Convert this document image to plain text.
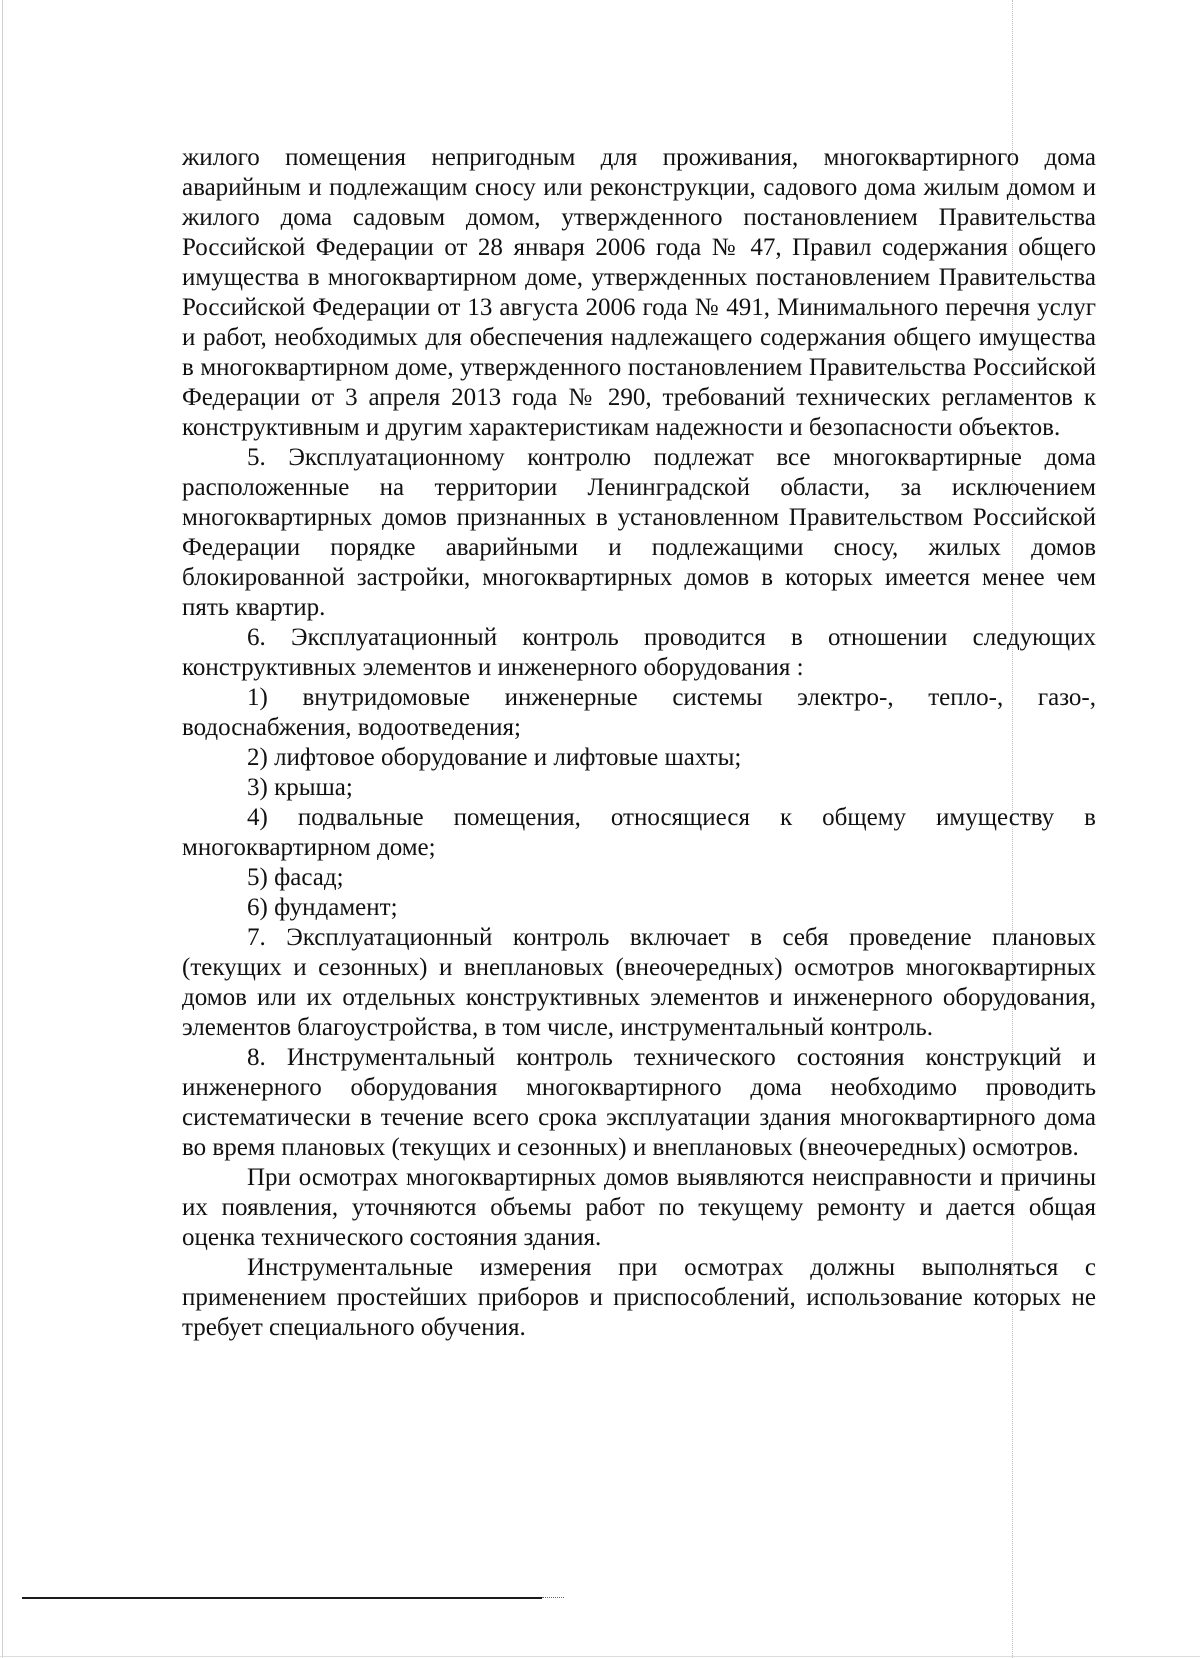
жилого помещения непригодным для проживания, многоквартирного дома аварийным и подлежащим сносу или реконструкции, садового дома жилым домом и жилого дома садовым домом, утвержденного постановлением Правительства Российской Федерации от 28 января 2006 года № 47, Правил содержания общего имущества в многоквартирном доме, утвержденных постановлением Правительства Российской Федерации от 13 августа 2006 года № 491, Минимального перечня услуг и работ, необходимых для обеспечения надлежащего содержания общего имущества в многоквартирном доме, утвержденного постановлением Правительства Российской Федерации от 3 апреля 2013 года № 290, требований технических регламентов к конструктивным и другим характеристикам надежности и безопасности объектов.

5. Эксплуатационному контролю подлежат все многоквартирные дома расположенные на территории Ленинградской области, за исключением многоквартирных домов признанных в установленном Правительством Российской Федерации порядке аварийными и подлежащими сносу, жилых домов блокированной застройки, многоквартирных домов в которых имеется менее чем пять квартир.

6. Эксплуатационный контроль проводится в отношении следующих конструктивных элементов и инженерного оборудования :

1) внутридомовые инженерные системы электро-, тепло-, газо-, водоснабжения, водоотведения;

2) лифтовое оборудование и лифтовые шахты;

3) крыша;

4) подвальные помещения, относящиеся к общему имуществу в многоквартирном доме;

5) фасад;

6) фундамент;

7. Эксплуатационный контроль включает в себя проведение плановых (текущих и сезонных) и внеплановых (внеочередных) осмотров многоквартирных домов или их отдельных конструктивных элементов и инженерного оборудования, элементов благоустройства, в том числе, инструментальный контроль.

8. Инструментальный контроль технического состояния конструкций и инженерного оборудования многоквартирного дома необходимо проводить систематически в течение всего срока эксплуатации здания многоквартирного дома во время плановых (текущих и сезонных) и внеплановых (внеочередных) осмотров.

При осмотрах многоквартирных домов выявляются неисправности и причины их появления, уточняются объемы работ по текущему ремонту и дается общая оценка технического состояния здания.

Инструментальные измерения при осмотрах должны выполняться с применением простейших приборов и приспособлений, использование которых не требует специального обучения.
